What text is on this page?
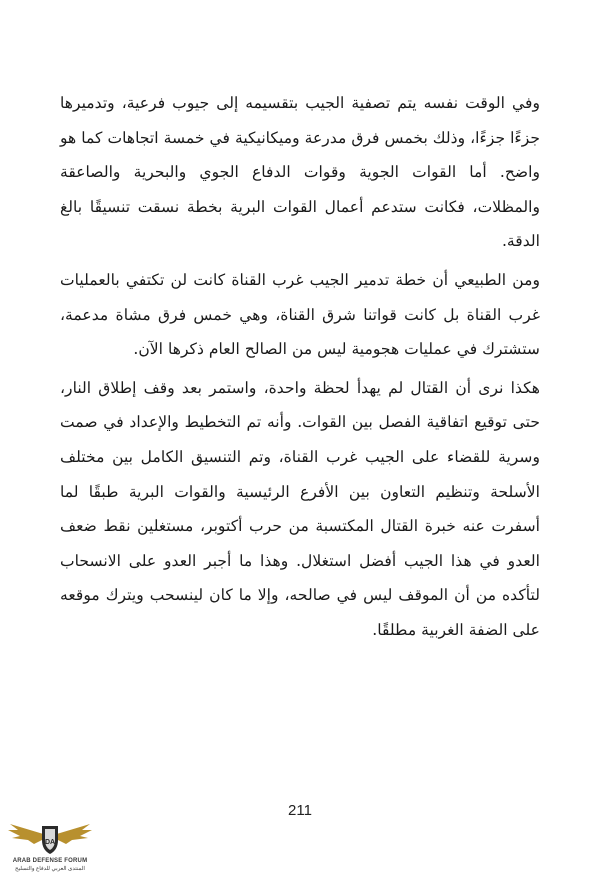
وفي الوقت نفسه يتم تصفية الجيب بتقسيمه إلى جيوب فرعية، وتدميرها جزءًا جزءًا، وذلك بخمس فرق مدرعة وميكانيكية في خمسة اتجاهات كما هو واضح. أما القوات الجوية وقوات الدفاع الجوي والبحرية والصاعقة والمظلات، فكانت ستدعم أعمال القوات البرية بخطة نسقت تنسيقًا بالغ الدقة.

ومن الطبيعي أن خطة تدمير الجيب غرب القناة كانت لن تكتفي بالعمليات غرب القناة بل كانت قواتنا شرق القناة، وهي خمس فرق مشاة مدعمة، ستشترك في عمليات هجومية ليس من الصالح العام ذكرها الآن.

هكذا نرى أن القتال لم يهدأ لحظة واحدة، واستمر بعد وقف إطلاق النار، حتى توقيع اتفاقية الفصل بين القوات. وأنه تم التخطيط والإعداد في صمت وسرية للقضاء على الجيب غرب القناة، وتم التنسيق الكامل بين مختلف الأسلحة وتنظيم التعاون بين الأفرع الرئيسية والقوات البرية طبقًا لما أسفرت عنه خبرة القتال المكتسبة من حرب أكتوبر، مستغلين نقط ضعف العدو في هذا الجيب أفضل استغلال. وهذا ما أجبر العدو على الانسحاب لتأكده من أن الموقف ليس في صالحه، وإلا ما كان لينسحب ويترك موقعه على الضفة الغربية مطلقًا.

211
DA
ARAB DEFENSE FORUM
المنتدى العربي للدفاع والتسليح
